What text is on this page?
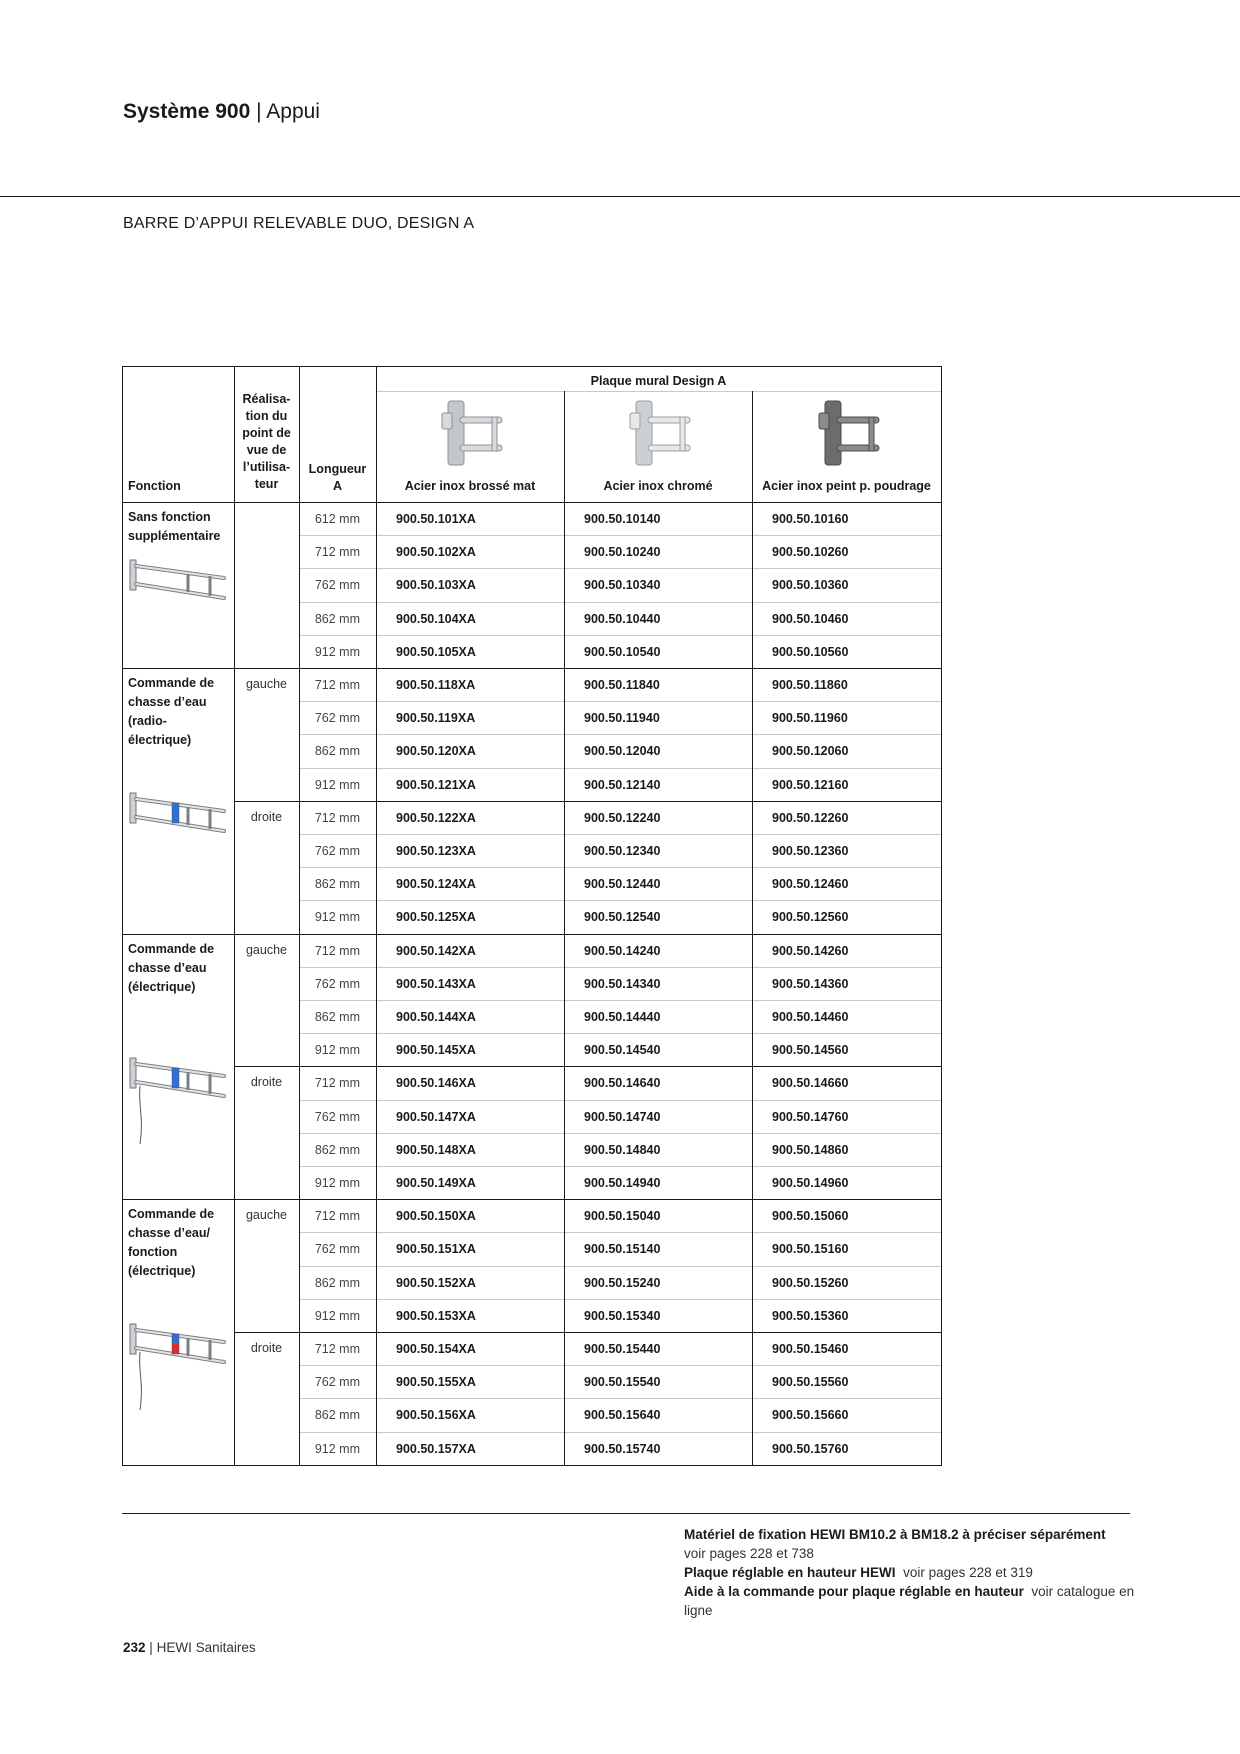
Système 900 | Appui
BARRE D’APPUI RELEVABLE DUO, DESIGN A
Plaque mural Design A
Fonction
Réalisa-
tion du
point de
vue de
l’utilisa-
teur
Longueur
A	Acier inox brossé mat	Acier inox chromé	Acier inox peint p. poudrage
Sans fonction
supplémentaire
612 mm	900.50.101XA	900.50.10140	900.50.10160
712 mm	900.50.102XA	900.50.10240	900.50.10260
762 mm	900.50.103XA	900.50.10340	900.50.10360
862 mm	900.50.104XA	900.50.10440	900.50.10460
912 mm	900.50.105XA	900.50.10540	900.50.10560
Commande de
chasse d’eau
(radio-
électrique)
gauche	712 mm	900.50.118XA	900.50.11840	900.50.11860
762 mm	900.50.119XA	900.50.11940	900.50.11960
862 mm	900.50.120XA	900.50.12040	900.50.12060
912 mm	900.50.121XA	900.50.12140	900.50.12160
droite	712 mm	900.50.122XA	900.50.12240	900.50.12260
762 mm	900.50.123XA	900.50.12340	900.50.12360
862 mm	900.50.124XA	900.50.12440	900.50.12460
912 mm	900.50.125XA	900.50.12540	900.50.12560
Commande de
chasse d’eau
(électrique)
gauche	712 mm	900.50.142XA	900.50.14240	900.50.14260
762 mm	900.50.143XA	900.50.14340	900.50.14360
862 mm	900.50.144XA	900.50.14440	900.50.14460
912 mm	900.50.145XA	900.50.14540	900.50.14560
droite	712 mm	900.50.146XA	900.50.14640	900.50.14660
762 mm	900.50.147XA	900.50.14740	900.50.14760
862 mm	900.50.148XA	900.50.14840	900.50.14860
912 mm	900.50.149XA	900.50.14940	900.50.14960
Commande de
chasse d’eau/
fonction
(électrique)
gauche	712 mm	900.50.150XA	900.50.15040	900.50.15060
762 mm	900.50.151XA	900.50.15140	900.50.15160
862 mm	900.50.152XA	900.50.15240	900.50.15260
912 mm	900.50.153XA	900.50.15340	900.50.15360
droite	712 mm	900.50.154XA	900.50.15440	900.50.15460
762 mm	900.50.155XA	900.50.15540	900.50.15560
862 mm	900.50.156XA	900.50.15640	900.50.15660
912 mm	900.50.157XA	900.50.15740	900.50.15760
Matériel de fixation HEWI BM10.2 à BM18.2 à préciser séparément
voir pages 228 et 738
Plaque réglable en hauteur HEWI voir pages 228 et 319
Aide à la commande pour plaque réglable en hauteur voir catalogue en ligne
232 | HEWI Sanitaires
